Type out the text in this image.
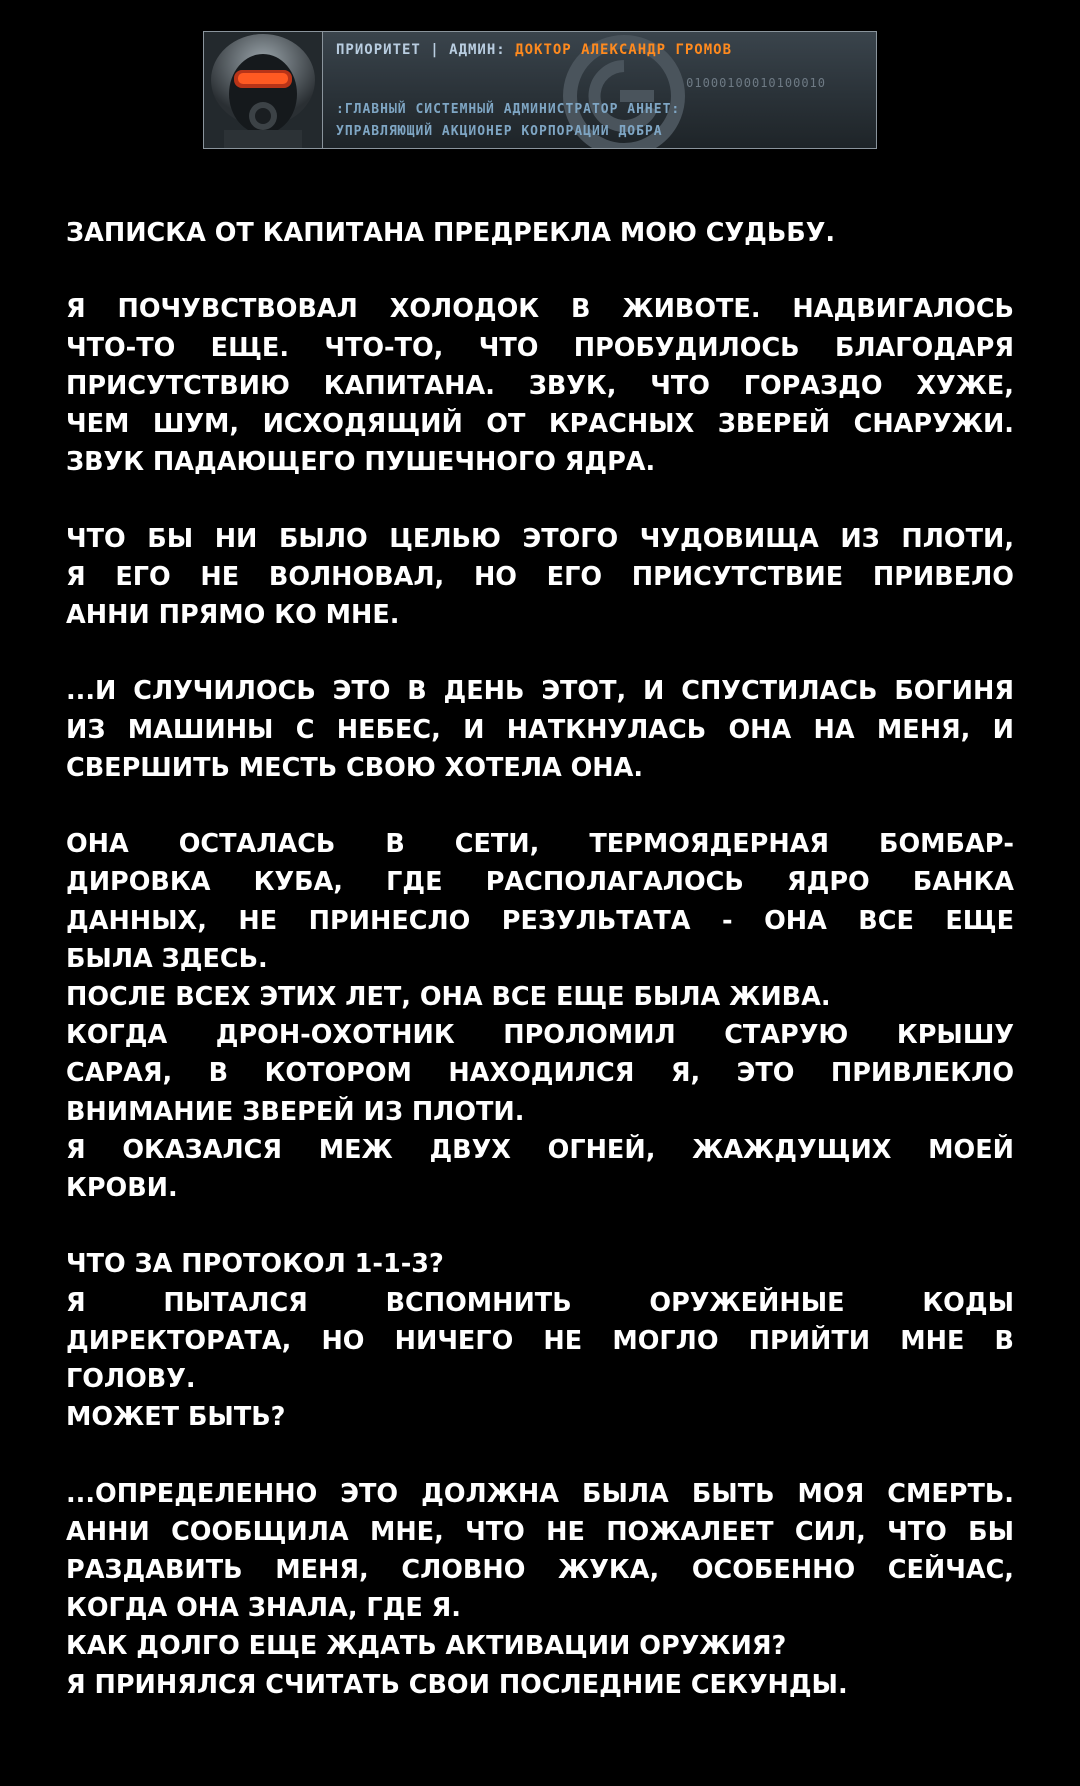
ПРИОРИТЕТ | АДМИН: ДОКТОР АЛЕКСАНДР ГРОМОВ
01000100010100010
:ГЛАВНЫЙ СИСТЕМНЫЙ АДМИНИСТРАТОР АННЕТ:
УПРАВЛЯЮЩИЙ АКЦИОНЕР КОРПОРАЦИИ ДОБРА

ЗАПИСКА ОТ КАПИТАНА ПРЕДРЕКЛА МОЮ СУДЬБУ.

Я ПОЧУВСТВОВАЛ ХОЛОДОК В ЖИВОТЕ. НАДВИГАЛОСЬ
ЧТО-ТО ЕЩЕ. ЧТО-ТО, ЧТО ПРОБУДИЛОСЬ БЛАГОДАРЯ
ПРИСУТСТВИЮ КАПИТАНА. ЗВУК, ЧТО ГОРАЗДО ХУЖЕ,
ЧЕМ ШУМ, ИСХОДЯЩИЙ ОТ КРАСНЫХ ЗВЕРЕЙ СНАРУЖИ.
ЗВУК ПАДАЮЩЕГО ПУШЕЧНОГО ЯДРА.

ЧТО БЫ НИ БЫЛО ЦЕЛЬЮ ЭТОГО ЧУДОВИЩА ИЗ ПЛОТИ,
Я ЕГО НЕ ВОЛНОВАЛ, НО ЕГО ПРИСУТСТВИЕ ПРИВЕЛО
АННИ ПРЯМО КО МНЕ.

...И СЛУЧИЛОСЬ ЭТО В ДЕНЬ ЭТОТ, И СПУСТИЛАСЬ БОГИНЯ
ИЗ МАШИНЫ С НЕБЕС, И НАТКНУЛАСЬ ОНА НА МЕНЯ, И
СВЕРШИТЬ МЕСТЬ СВОЮ ХОТЕЛА ОНА.

ОНА ОСТАЛАСЬ В СЕТИ, ТЕРМОЯДЕРНАЯ БОМБАР-
ДИРОВКА КУБА, ГДЕ РАСПОЛАГАЛОСЬ ЯДРО БАНКА
ДАННЫХ, НЕ ПРИНЕСЛО РЕЗУЛЬТАТА - ОНА ВСЕ ЕЩЕ
БЫЛА ЗДЕСЬ.
ПОСЛЕ ВСЕХ ЭТИХ ЛЕТ, ОНА ВСЕ ЕЩЕ БЫЛА ЖИВА.
КОГДА ДРОН-ОХОТНИК ПРОЛОМИЛ СТАРУЮ КРЫШУ
САРАЯ, В КОТОРОМ НАХОДИЛСЯ Я, ЭТО ПРИВЛЕКЛО
ВНИМАНИЕ ЗВЕРЕЙ ИЗ ПЛОТИ.
Я ОКАЗАЛСЯ МЕЖ ДВУХ ОГНЕЙ, ЖАЖДУЩИХ МОЕЙ
КРОВИ.

ЧТО ЗА ПРОТОКОЛ 1-1-3?
Я ПЫТАЛСЯ ВСПОМНИТЬ ОРУЖЕЙНЫЕ КОДЫ
ДИРЕКТОРАТА, НО НИЧЕГО НЕ МОГЛО ПРИЙТИ МНЕ В
ГОЛОВУ.
МОЖЕТ БЫТЬ?

...ОПРЕДЕЛЕННО ЭТО ДОЛЖНА БЫЛА БЫТЬ МОЯ СМЕРТЬ.
АННИ СООБЩИЛА МНЕ, ЧТО НЕ ПОЖАЛЕЕТ СИЛ, ЧТО БЫ
РАЗДАВИТЬ МЕНЯ, СЛОВНО ЖУКА, ОСОБЕННО СЕЙЧАС,
КОГДА ОНА ЗНАЛА, ГДЕ Я.
КАК ДОЛГО ЕЩЕ ЖДАТЬ АКТИВАЦИИ ОРУЖИЯ?
Я ПРИНЯЛСЯ СЧИТАТЬ СВОИ ПОСЛЕДНИЕ СЕКУНДЫ.
